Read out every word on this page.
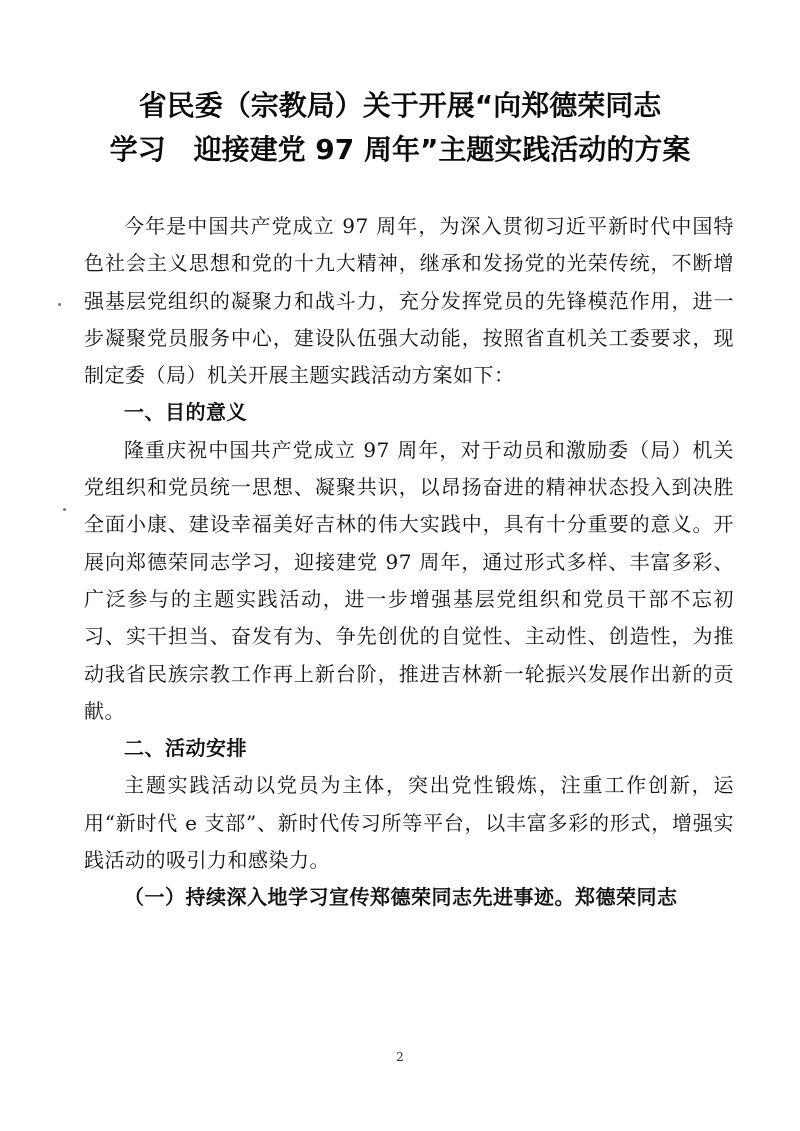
省民委（宗教局）关于开展“向郑德荣同志
学习　迎接建党 97 周年”主题实践活动的方案

今年是中国共产党成立 97 周年，为深入贯彻习近平新时代中国特色社会主义思想和党的十九大精神，继承和发扬党的光荣传统，不断增强基层党组织的凝聚力和战斗力，充分发挥党员的先锋模范作用，进一步凝聚党员服务中心，建设队伍强大动能，按照省直机关工委要求，现制定委（局）机关开展主题实践活动方案如下：

一、目的意义

隆重庆祝中国共产党成立 97 周年，对于动员和激励委（局）机关党组织和党员统一思想、凝聚共识，以昂扬奋进的精神状态投入到决胜全面小康、建设幸福美好吉林的伟大实践中，具有十分重要的意义。开展向郑德荣同志学习，迎接建党 97 周年，通过形式多样、丰富多彩、广泛参与的主题实践活动，进一步增强基层党组织和党员干部不忘初习、实干担当、奋发有为、争先创优的自觉性、主动性、创造性，为推动我省民族宗教工作再上新台阶，推进吉林新一轮振兴发展作出新的贡献。

二、活动安排

主题实践活动以党员为主体，突出党性锻炼，注重工作创新，运用“新时代 e 支部”、新时代传习所等平台，以丰富多彩的形式，增强实践活动的吸引力和感染力。

（一）持续深入地学习宣传郑德荣同志先进事迹。郑德荣同志

2
